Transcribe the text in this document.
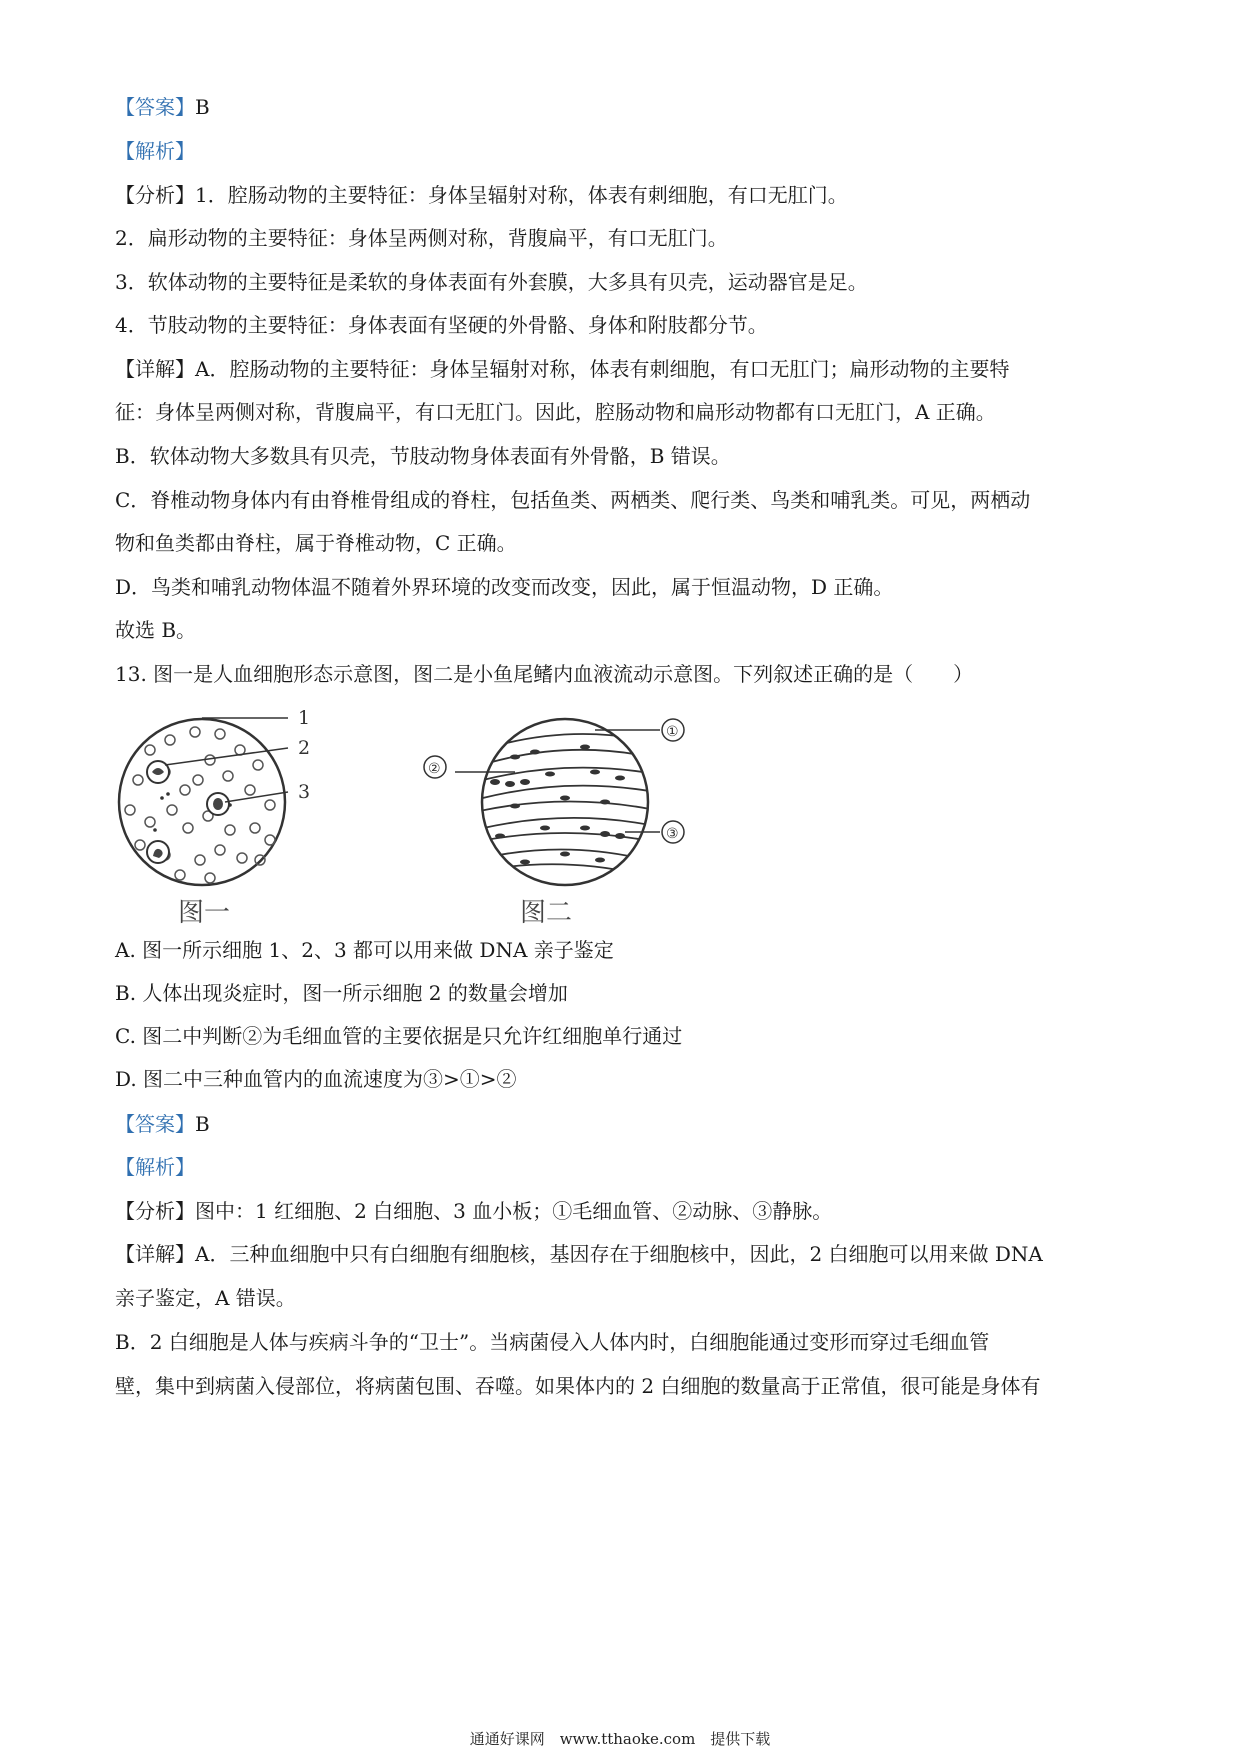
【答案】B
【解析】
【分析】1．腔肠动物的主要特征：身体呈辐射对称，体表有刺细胞，有口无肛门。
2．扁形动物的主要特征：身体呈两侧对称，背腹扁平，有口无肛门。
3．软体动物的主要特征是柔软的身体表面有外套膜，大多具有贝壳，运动器官是足。
4．节肢动物的主要特征：身体表面有坚硬的外骨骼、身体和附肢都分节。
【详解】A．腔肠动物的主要特征：身体呈辐射对称，体表有刺细胞，有口无肛门；扁形动物的主要特
征：身体呈两侧对称，背腹扁平，有口无肛门。因此，腔肠动物和扁形动物都有口无肛门，A 正确。
B．软体动物大多数具有贝壳，节肢动物身体表面有外骨骼，B 错误。
C．脊椎动物身体内有由脊椎骨组成的脊柱，包括鱼类、两栖类、爬行类、鸟类和哺乳类。可见，两栖动
物和鱼类都由脊柱，属于脊椎动物，C 正确。
D．鸟类和哺乳动物体温不随着外界环境的改变而改变，因此，属于恒温动物，D 正确。
故选 B。
13. 图一是人血细胞形态示意图，图二是小鱼尾鳍内血液流动示意图。下列叙述正确的是（　　）
1
2
3
图一
①
③
②
图二
A. 图一所示细胞 1、2、3 都可以用来做 DNA 亲子鉴定
B. 人体出现炎症时，图一所示细胞 2 的数量会增加
C. 图二中判断②为毛细血管的主要依据是只允许红细胞单行通过
D. 图二中三种血管内的血流速度为③>①>②
【答案】B
【解析】
【分析】图中：1 红细胞、2 白细胞、3 血小板；①毛细血管、②动脉、③静脉。
【详解】A．三种血细胞中只有白细胞有细胞核，基因存在于细胞核中，因此，2 白细胞可以用来做 DNA
亲子鉴定，A 错误。
B．2 白细胞是人体与疾病斗争的“卫士”。当病菌侵入人体内时，白细胞能通过变形而穿过毛细血管
壁，集中到病菌入侵部位，将病菌包围、吞噬。如果体内的 2 白细胞的数量高于正常值，很可能是身体有
通通好课网　www.tthaoke.com　提供下载
